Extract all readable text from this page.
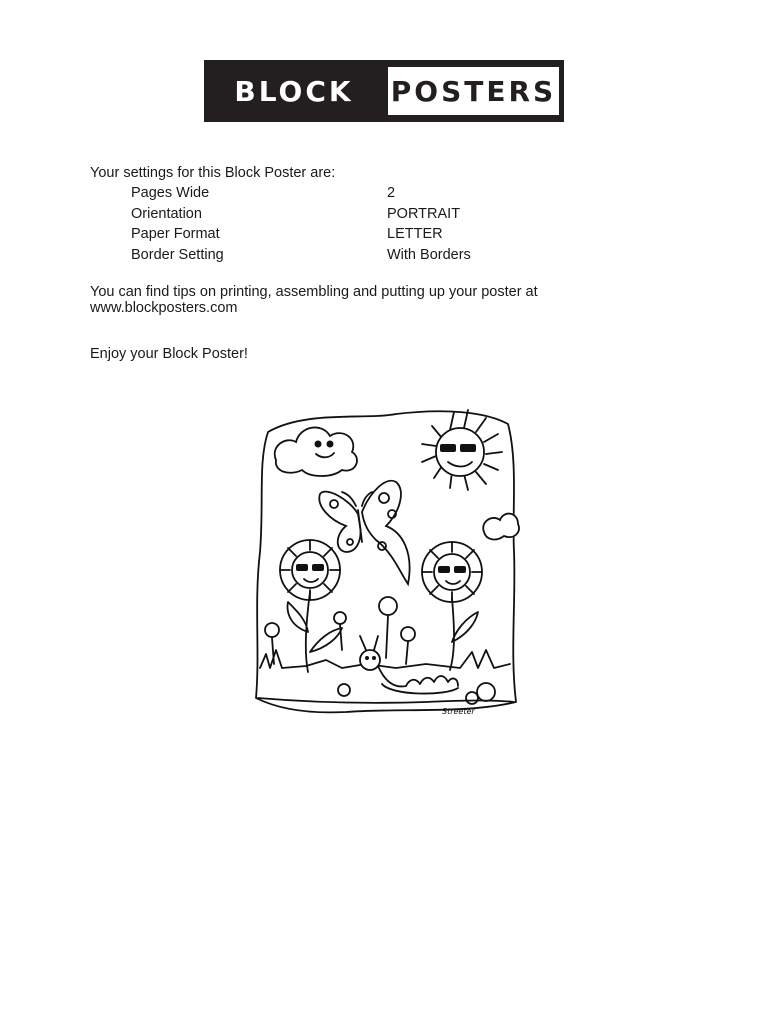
BLOCK	POSTERS
Your settings for this Block Poster are:
Pages Wide	2
Orientation	PORTRAIT
Paper Format	LETTER
Border Setting	With Borders
You can find tips on printing, assembling and putting up your poster at
www.blockposters.com
Enjoy your Block Poster!
Streeter
